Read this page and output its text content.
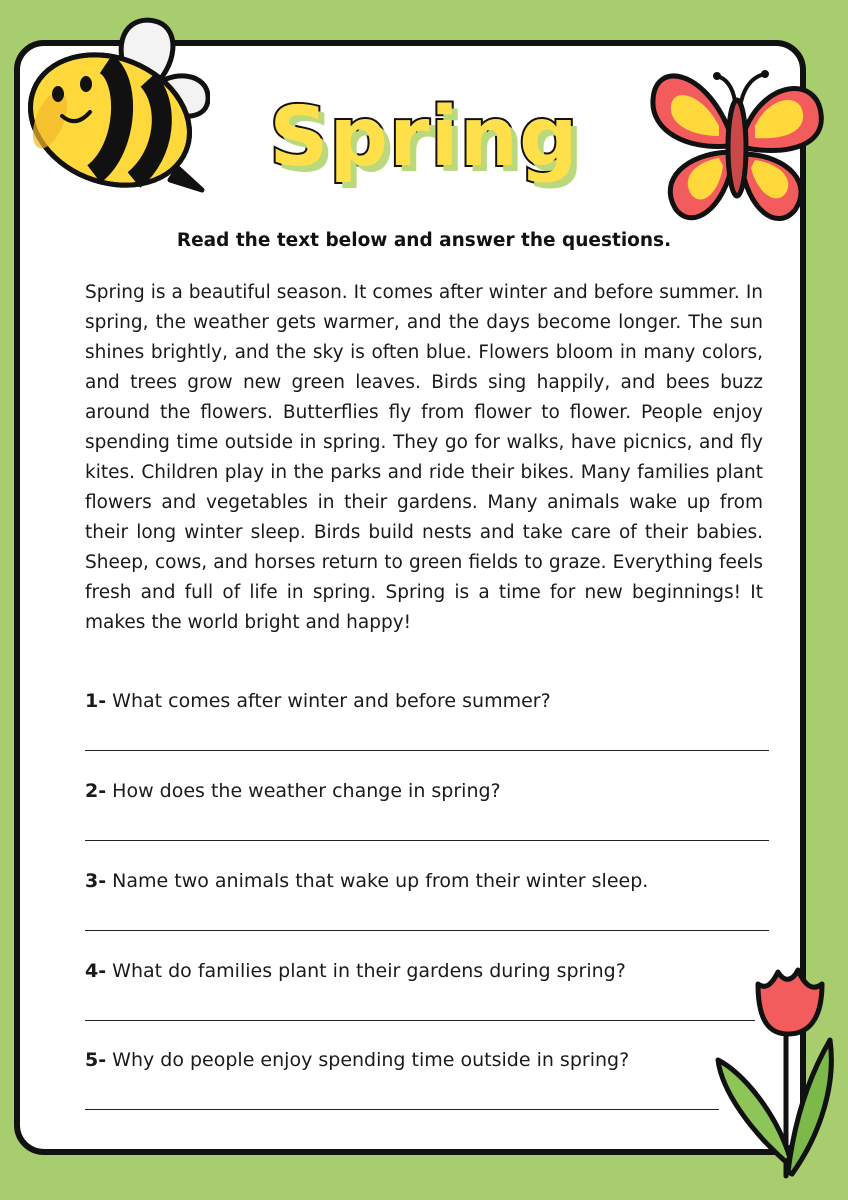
Spring
Read the text below and answer the questions.

Spring is a beautiful season. It comes after winter and before summer. In spring, the weather gets warmer, and the days become longer. The sun shines brightly, and the sky is often blue. Flowers bloom in many colors, and trees grow new green leaves. Birds sing happily, and bees buzz around the flowers. Butterflies fly from flower to flower. People enjoy spending time outside in spring. They go for walks, have picnics, and fly kites. Children play in the parks and ride their bikes. Many families plant flowers and vegetables in their gardens. Many animals wake up from their long winter sleep. Birds build nests and take care of their babies. Sheep, cows, and horses return to green fields to graze. Everything feels fresh and full of life in spring. Spring is a time for new beginnings! It makes the world bright and happy!

1- What comes after winter and before summer?
2- How does the weather change in spring?
3- Name two animals that wake up from their winter sleep.
4- What do families plant in their gardens during spring?
5- Why do people enjoy spending time outside in spring?
